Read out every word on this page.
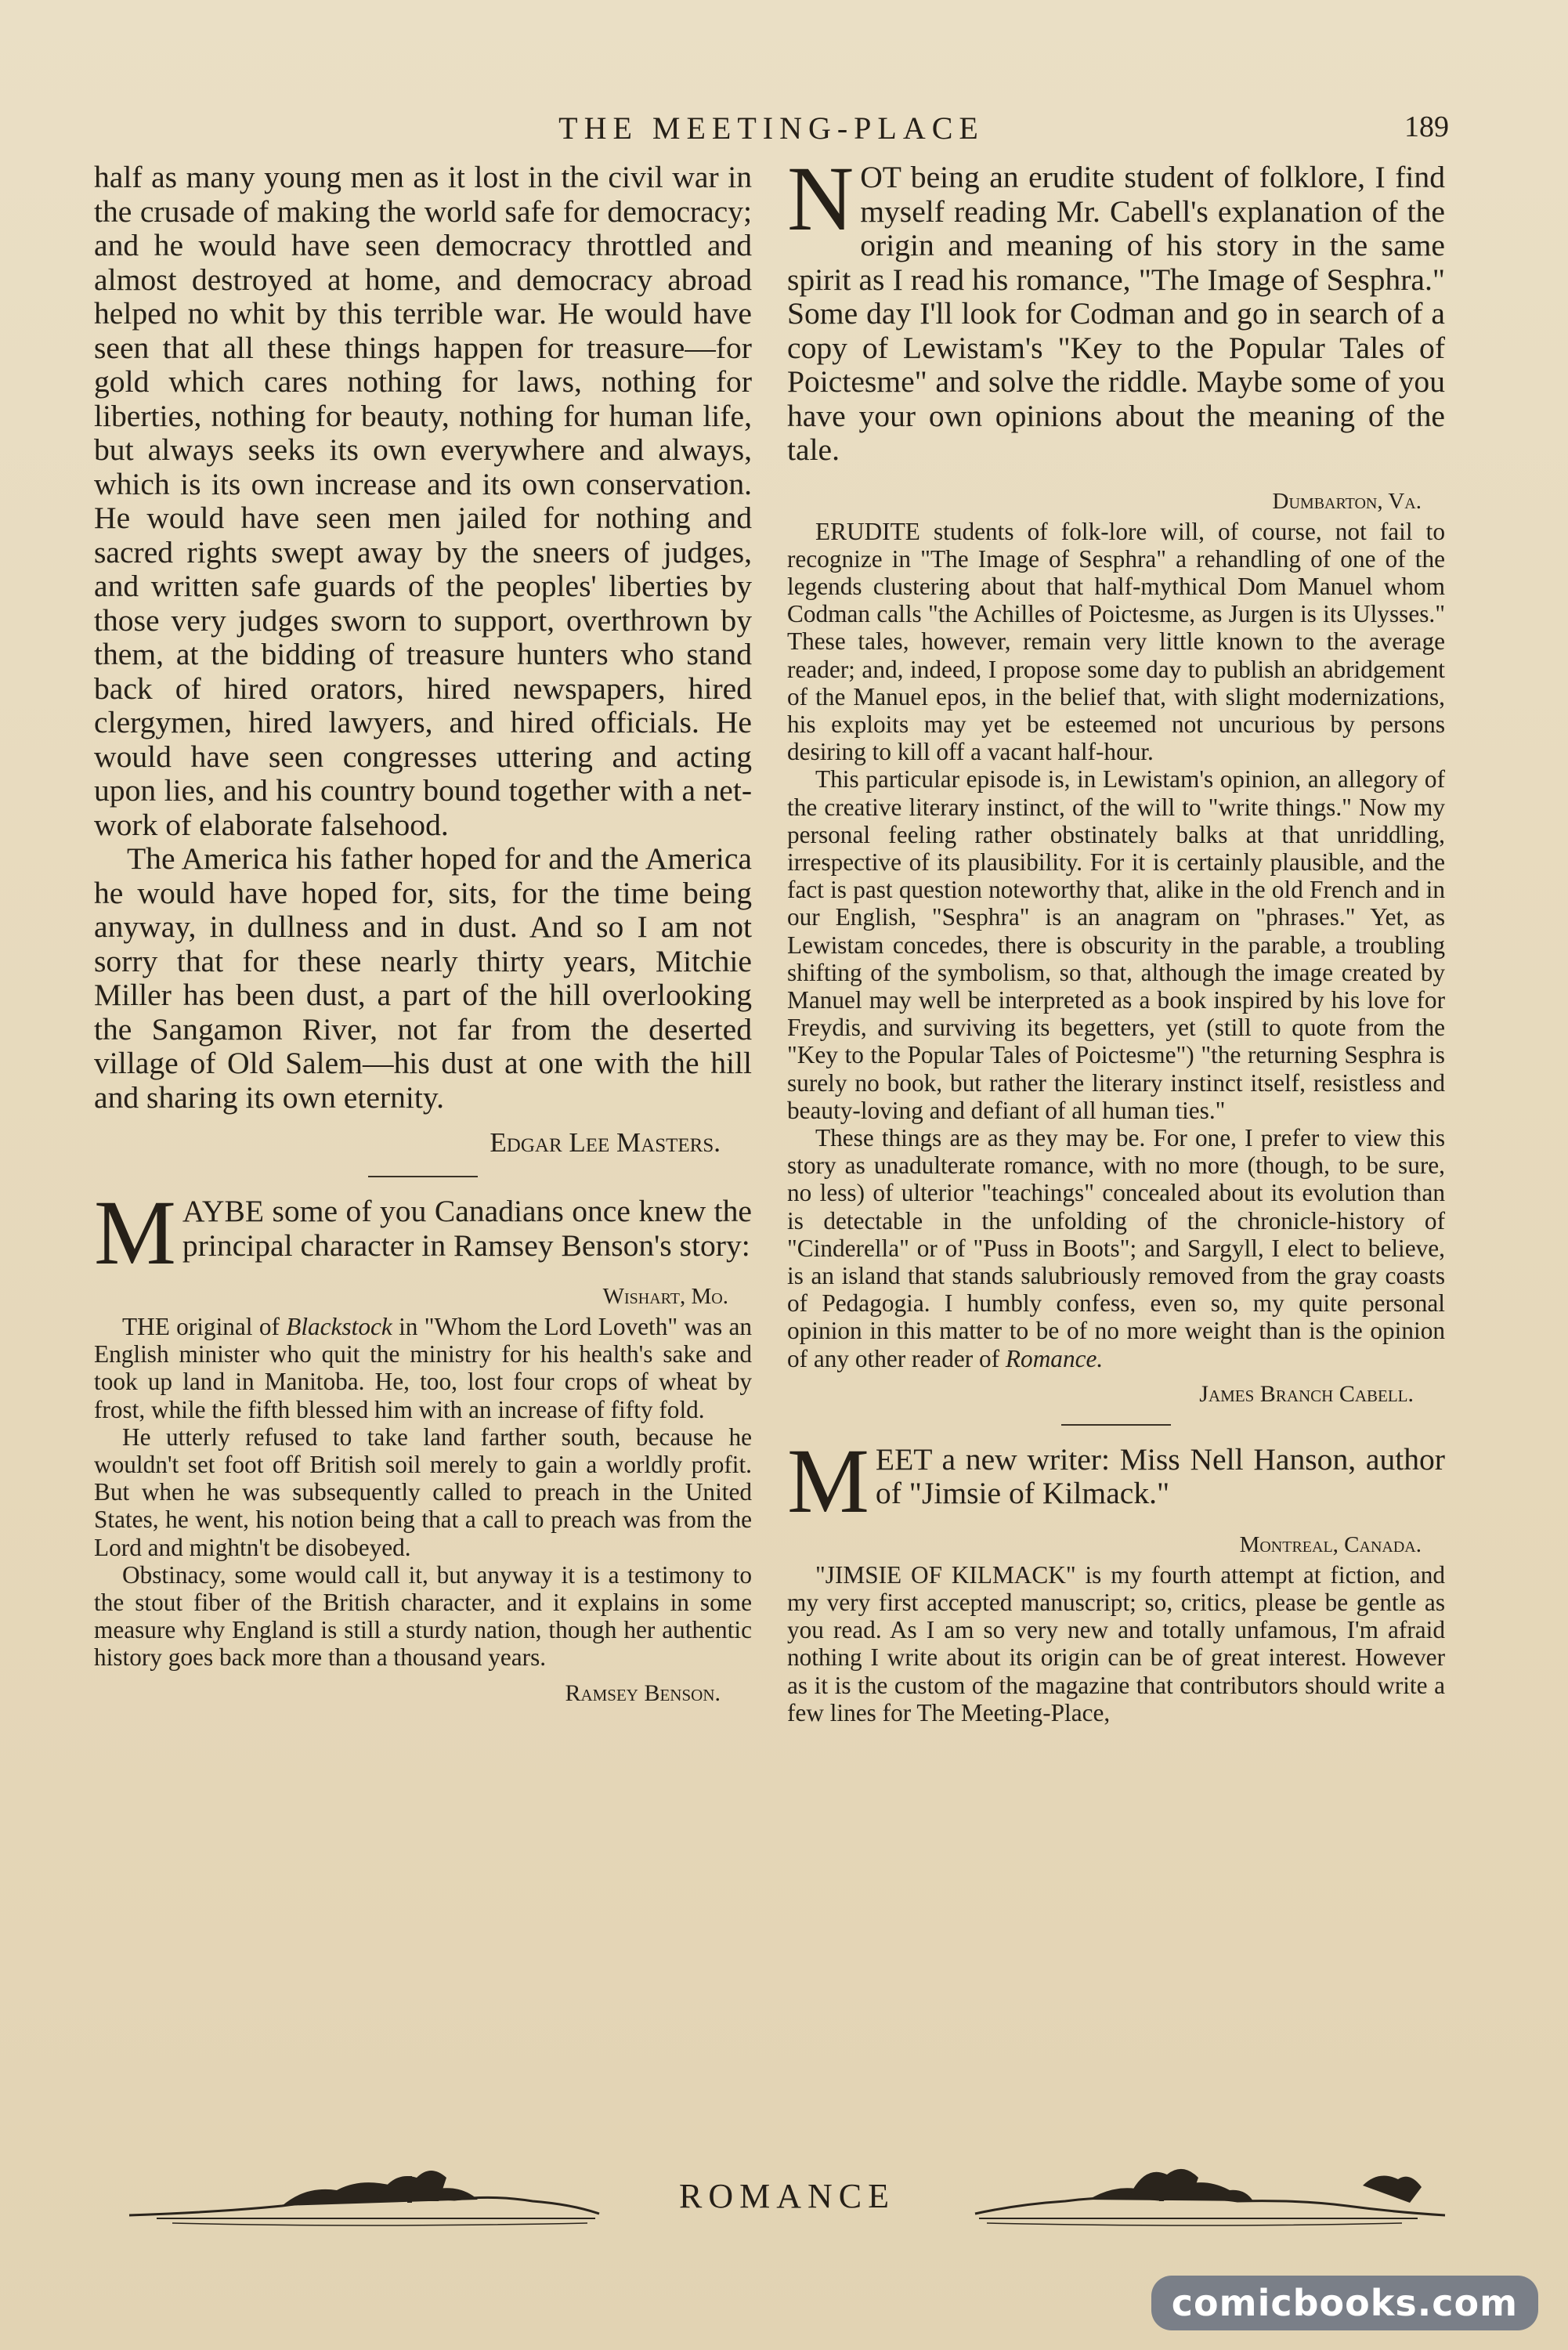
THE MEETING-PLACE	189

half as many young men as it lost in the civil war in the crusade of making the world safe for democracy; and he would have seen democracy throttled and almost destroyed at home, and democracy abroad helped no whit by this terrible war. He would have seen that all these things happen for treasure—for gold which cares nothing for laws, nothing for liberties, nothing for beauty, nothing for human life, but always seeks its own everywhere and always, which is its own increase and its own conservation. He would have seen men jailed for nothing and sacred rights swept away by the sneers of judges, and written safe guards of the peoples' liberties by those very judges sworn to support, overthrown by them, at the bidding of treasure hunters who stand back of hired orators, hired newspapers, hired clergymen, hired lawyers, and hired officials. He would have seen congresses uttering and acting upon lies, and his country bound together with a net-work of elaborate falsehood.

The America his father hoped for and the America he would have hoped for, sits, for the time being anyway, in dullness and in dust. And so I am not sorry that for these nearly thirty years, Mitchie Miller has been dust, a part of the hill overlooking the Sangamon River, not far from the deserted village of Old Salem—his dust at one with the hill and sharing its own eternity.

Edgar Lee Masters.

M AYBE some of you Canadians once knew the principal character in Ramsey Benson's story:

Wishart, Mo.

THE original of Blackstock in "Whom the Lord Loveth" was an English minister who quit the ministry for his health's sake and took up land in Manitoba. He, too, lost four crops of wheat by frost, while the fifth blessed him with an increase of fifty fold.

He utterly refused to take land farther south, because he wouldn't set foot off British soil merely to gain a worldly profit. But when he was subsequently called to preach in the United States, he went, his notion being that a call to preach was from the Lord and mightn't be disobeyed.

Obstinacy, some would call it, but anyway it is a testimony to the stout fiber of the British character, and it explains in some measure why England is still a sturdy nation, though her authentic history goes back more than a thousand years.

Ramsey Benson.

N OT being an erudite student of folklore, I find myself reading Mr. Cabell's explanation of the origin and meaning of his story in the same spirit as I read his romance, "The Image of Sesphra." Some day I'll look for Codman and go in search of a copy of Lewistam's "Key to the Popular Tales of Poictesme" and solve the riddle. Maybe some of you have your own opinions about the meaning of the tale.

Dumbarton, Va.

ERUDITE students of folk-lore will, of course, not fail to recognize in "The Image of Sesphra" a rehandling of one of the legends clustering about that half-mythical Dom Manuel whom Codman calls "the Achilles of Poictesme, as Jurgen is its Ulysses." These tales, however, remain very little known to the average reader; and, indeed, I propose some day to publish an abridgement of the Manuel epos, in the belief that, with slight modernizations, his exploits may yet be esteemed not uncurious by persons desiring to kill off a vacant half-hour.

This particular episode is, in Lewistam's opinion, an allegory of the creative literary instinct, of the will to "write things." Now my personal feeling rather obstinately balks at that unriddling, irrespective of its plausibility. For it is certainly plausible, and the fact is past question noteworthy that, alike in the old French and in our English, "Sesphra" is an anagram on "phrases." Yet, as Lewistam concedes, there is obscurity in the parable, a troubling shifting of the symbolism, so that, although the image created by Manuel may well be interpreted as a book inspired by his love for Freydis, and surviving its begetters, yet (still to quote from the "Key to the Popular Tales of Poictesme") "the returning Sesphra is surely no book, but rather the literary instinct itself, resistless and beauty-loving and defiant of all human ties."

These things are as they may be. For one, I prefer to view this story as unadulterate romance, with no more (though, to be sure, no less) of ulterior "teachings" concealed about its evolution than is detectable in the unfolding of the chronicle-history of "Cinderella" or of "Puss in Boots"; and Sargyll, I elect to believe, is an island that stands salubriously removed from the gray coasts of Pedagogia. I humbly confess, even so, my quite personal opinion in this matter to be of no more weight than is the opinion of any other reader of Romance.

James Branch Cabell.

M EET a new writer: Miss Nell Hanson, author of "Jimsie of Kilmack."

Montreal, Canada.

"JIMSIE OF KILMACK" is my fourth attempt at fiction, and my very first accepted manuscript; so, critics, please be gentle as you read. As I am so very new and totally unfamous, I'm afraid nothing I write about its origin can be of great interest. However as it is the custom of the magazine that contributors should write a few lines for The Meeting-Place,

ROMANCE
comicbooks.com
